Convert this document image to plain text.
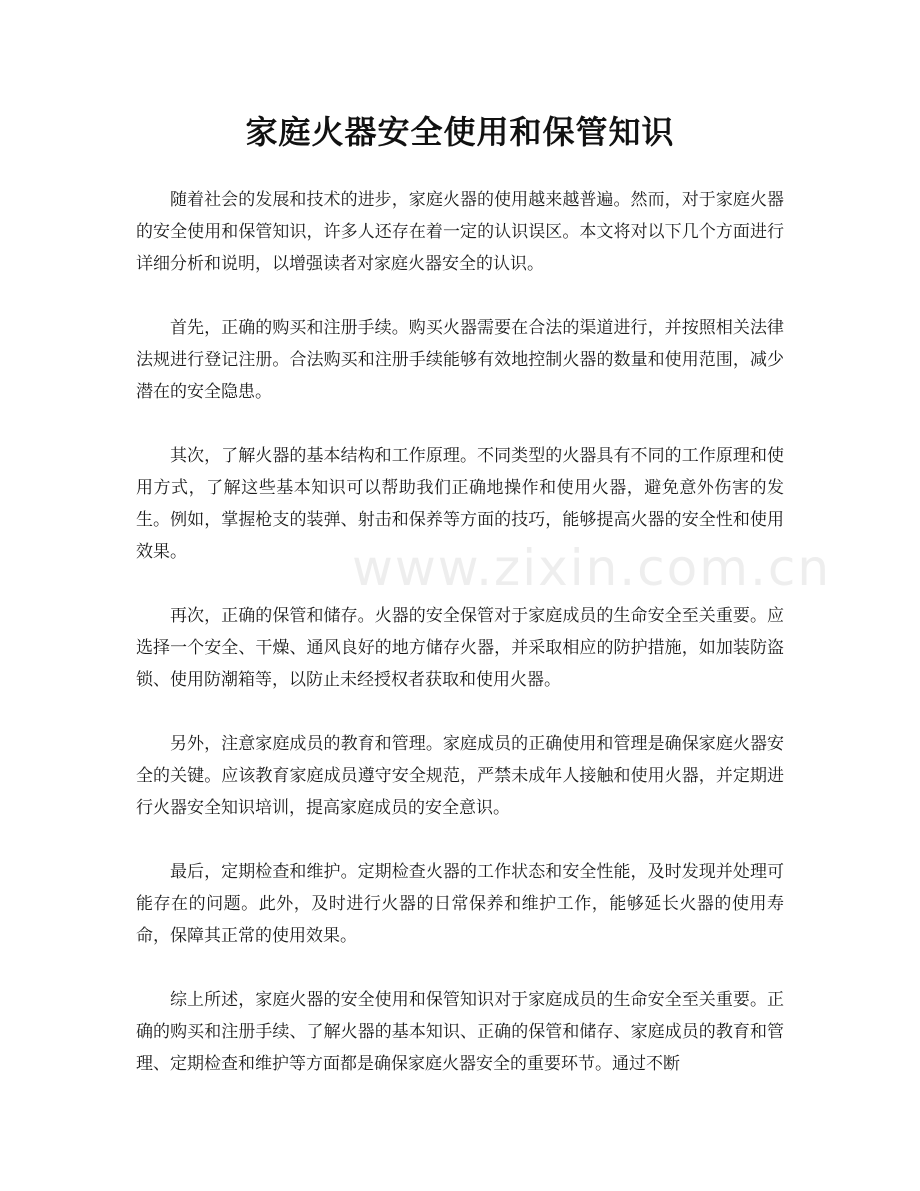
家庭火器安全使用和保管知识

随着社会的发展和技术的进步，家庭火器的使用越来越普遍。然而，对于家庭火器的安全使用和保管知识，许多人还存在着一定的认识误区。本文将对以下几个方面进行详细分析和说明，以增强读者对家庭火器安全的认识。

首先，正确的购买和注册手续。购买火器需要在合法的渠道进行，并按照相关法律法规进行登记注册。合法购买和注册手续能够有效地控制火器的数量和使用范围，减少潜在的安全隐患。

其次，了解火器的基本结构和工作原理。不同类型的火器具有不同的工作原理和使用方式，了解这些基本知识可以帮助我们正确地操作和使用火器，避免意外伤害的发生。例如，掌握枪支的装弹、射击和保养等方面的技巧，能够提高火器的安全性和使用效果。

再次，正确的保管和储存。火器的安全保管对于家庭成员的生命安全至关重要。应选择一个安全、干燥、通风良好的地方储存火器，并采取相应的防护措施，如加装防盗锁、使用防潮箱等，以防止未经授权者获取和使用火器。

另外，注意家庭成员的教育和管理。家庭成员的正确使用和管理是确保家庭火器安全的关键。应该教育家庭成员遵守安全规范，严禁未成年人接触和使用火器，并定期进行火器安全知识培训，提高家庭成员的安全意识。

最后，定期检查和维护。定期检查火器的工作状态和安全性能，及时发现并处理可能存在的问题。此外，及时进行火器的日常保养和维护工作，能够延长火器的使用寿命，保障其正常的使用效果。

综上所述，家庭火器的安全使用和保管知识对于家庭成员的生命安全至关重要。正确的购买和注册手续、了解火器的基本知识、正确的保管和储存、家庭成员的教育和管理、定期检查和维护等方面都是确保家庭火器安全的重要环节。通过不断

www.zixin.com.cn
